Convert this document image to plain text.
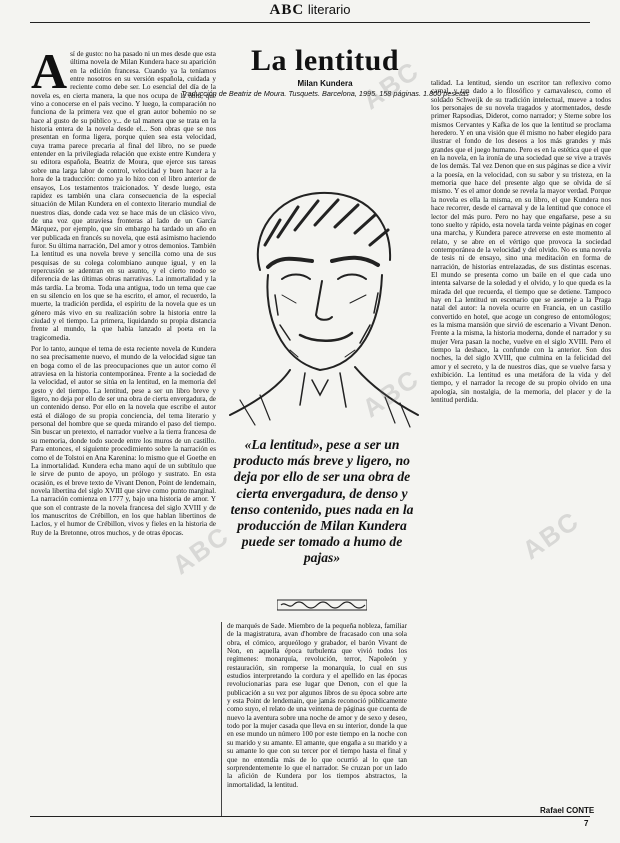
ABC literario
A sí de gusto: no ha pasado ni un mes desde que esta última novela de Milan Kundera hace su aparición en la edición francesa. Cuando ya la teníamos entre nosotros en su versión española, cuidada y reciente como debe ser. Lo esencial del día de la novela es, en cierta manera, la que nos ocupa de la obra, que vino a conocerse en el país vecino. Y luego, la comparación no funciona de la primera vez que el gran autor bohemio no se hace al gusto de su público y... de tal manera que se trata en la historia entera de la novela desde el... Son obras que se nos presentan en forma ligera, porque quien sea esta velocidad, cuya trama parece precaria al final del libro, no se puede entender en la privilegiada relación que existe entre Kundera y su editora española, Beatriz de Moura, que ejerce sus tareas sobre una larga labor de control, velocidad y buen hacer a la hora de la traducción: como ya lo hizo con el libro anterior de ensayos, Los testamentos traicionados. Y desde luego, esta rapidez es también una clara consecuencia de la especial situación de Milan Kundera en el contexto literario mundial de nuestros días, donde cada vez se hace más de un clásico vivo, de una voz que atraviesa fronteras al lado de un García Márquez, por ejemplo, que sin embargo ha tardado un año en ver publicada en francés su novela, que está asimismo haciendo furor. Su última narración, Del amor y otros demonios. También La lentitud es una novela breve y sencilla como una de sus pesquisas de su colega colombiano aunque igual, y en la repercusión se adentran en su asunto, y el cierto modo se diferencia de las últimas obras narrativas. La inmortalidad y la más tardía. La broma. Toda una antigua, todo un tema que cae en su silencio en los que se ha escrito, el amor, el recuerdo, la muerte, la tradición perdida, el espíritu de la novela que es un género más vivo en su realización sobre la historia entre la ciudad y el tiempo. La primera, liquidando su propia distancia frente al mundo, la que había lanzado al poeta en la tragicomedia.

Por lo tanto, aunque el tema de esta reciente novela de Kundera no sea precisamente nuevo, el mundo de la velocidad sigue tan en boga como el de las preocupaciones que un autor como él atraviesa en la historia contemporánea. Frente a la sociedad de la velocidad, el autor se sitúa en la lentitud, en la memoria del gesto y del tiempo. La lentitud, pese a ser un libro breve y ligero, no deja por ello de ser una obra de cierta envergadura, de un contenido denso. Por ello en la novela que escribe el autor está el diálogo de su propia conciencia, del tema literario y personal del hombre que se queda mirando el paso del tiempo. Sin buscar un pretexto, el narrador vuelve a la tierra francesa de su memoria, donde todo sucede entre los muros de un castillo. Para entonces, el siguiente procedimiento sobre la narración es como el de Tolstoi en Ana Karenina: lo mismo que el Goethe en La inmortalidad. Kundera echa mano aquí de un subtítulo que le sirve de punto de apoyo, un prólogo y sustrato. En esta ocasión, es el breve texto de Vivant Denon, Point de lendemain, novela libertina del siglo XVIII que sirve como punto marginal. La narración comienza en 1777 y, bajo una historia de amor. Y que son el contraste de la novela francesa del siglo XVIII y de los manuscritos de Crébillon, en los que hablan libertinos de Laclos, y el humor de Crébillon, vivos y fieles en la historia de Ruy de la Bretonne, otros muchos, y de otras épocas.

La lentitud
Milan Kundera
Traducción de Beatriz de Moura. Tusquets. Barcelona, 1995. 158 páginas. 1.800 pesetas
«La lentitud», pese a ser un producto más breve y ligero, no deja por ello de ser una obra de cierta envergadura, de denso y tenso contenido, pues nada en la producción de Milan Kundera puede ser tomado a humo de pajas»

de marqués de Sade. Miembro de la pequeña nobleza, familiar de la magistratura, avan d'hombre de fracasado con una sola obra, el cómico, arqueólogo y grabador, el barón Vivant de Non, en aquella época turbulenta que vivió todos los regímenes: monarquía, revolución, terror, Napoleón y restauración, sin romperse la monarquía, lo cual en sus estudios interpretando la cordura y el apellido en las épocas revolucionarias para ese lugar que Denon, con el que la publicación a su vez por algunos libros de su época sobre arte y esta Point de lendemain, que jamás reconoció públicamente como suyo, el relato de una veintena de páginas que cuenta de nuevo la aventura sobre una noche de amor y de sexo y deseo, todo por la mujer casada que lleva en su interior, donde la que en ese mundo un número 100 por este tiempo en la noche con su marido y su amante. El amante, que engaña a su marido y a su amante lo que con su tercer por el tiempo hasta el final y que no entendía más de lo que ocurrió al lo que tan sorprendentemente lo que el narrador. Se cruzan por un lado la afición de Kundera por los tiempos abstractos, la inmortalidad, la lentitud.

talidad. La lentitud, siendo un escritor tan reflexivo como carnal, y tan dado a lo filosófico y carnavalesco, como el soldado Schweijk de su tradición intelectual, mueve a todos los personajes de su novela tragados y atormentados, desde primer Rapsodias, Diderot, como narrador; y Sterne sobre los mismos Cervantes y Kafka de los que la lentitud se proclama heredero. Y en una visión que él mismo no haber elegido para ilustrar el fondo de los deseos a los más grandes y más grandes que el juego humano. Pero es en la estética que el que en la novela, en la ironía de una sociedad que se vive a través de los demás. Tal vez Denon que en sus páginas se dice a vivir a la poesía, en la velocidad, con su sabor y su tristeza, en la memoria que hace del presente algo que se olvida de sí mismo. Y es el amor donde se revela la mayor verdad. Porque la novela es ella la misma, en su libro, el que Kundera nos hace recorrer, desde el carnaval y de la lentitud que conoce el lector del más puro. Pero no hay que engañarse, pese a su tono suelto y rápido, esta novela tarda veinte páginas en coger una marcha, y Kundera parece atreverse en este momento al relato, y se abre en el vértigo que provoca la sociedad contemporánea de la velocidad y del olvido. No es una novela de tesis ni de ensayo, sino una meditación en forma de narración, de historias entrelazadas, de sus distintas escenas. El mundo se presenta como un baile en el que cada uno intenta salvarse de la soledad y el olvido, y lo que queda es la mirada del que recuerda, el tiempo que se detiene. Tampoco hay en La lentitud un escenario que se asemeje a la Praga natal del autor: la novela ocurre en Francia, en un castillo convertido en hotel, que acoge un congreso de entomólogos; es la misma mansión que sirvió de escenario a Vivant Denon. Frente a la misma, la historia moderna, donde el narrador y su mujer Vera pasan la noche, vuelve en el siglo XVIII. Pero el tiempo la deshace, la confunde con la anterior. Son dos noches, la del siglo XVIII, que culmina en la felicidad del amor y el secreto, y la de nuestros días, que se vuelve farsa y exhibición. La lentitud es una metáfora de la vida y del tiempo, y el narrador la recoge de su propio olvido en una apología, sin nostalgia, de la memoria, del placer y de la lentitud perdida.

ABC
ABC	ABC
ABC
Rafael CONTE
7
